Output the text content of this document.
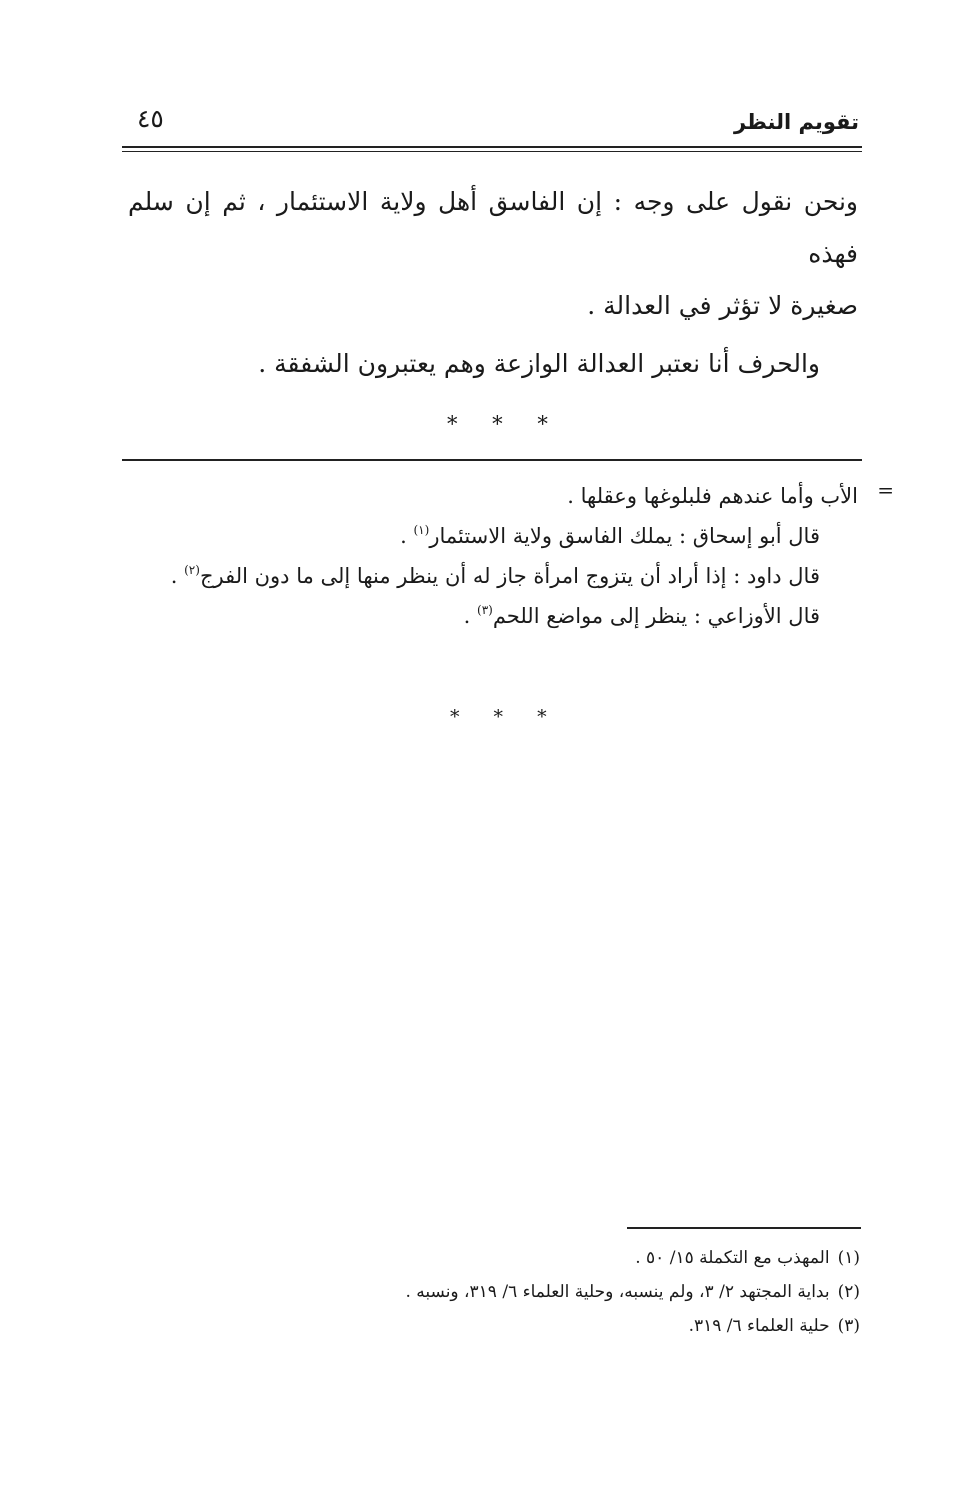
تقويم النظر
٤٥

ونحن نقول على وجه : إن الفاسق أهل ولاية الاستئمار ، ثم إن سلم فهذه

صغيرة لا تؤثر في العدالة .

والحرف أنا نعتبر العدالة الوازعة وهم يعتبرون الشفقة .

* * *
=

الأب وأما عندهم فلبلوغها وعقلها .

قال أبو إسحاق : يملك الفاسق ولاية الاستئمار$^{(١)}$ .

قال داود : إذا أراد أن يتزوج امرأة جاز له أن ينظر منها إلى ما دون الفرج$^{(٢)}$ .

قال الأوزاعي : ينظر إلى مواضع اللحم$^{(٣)}$ .

* * *

(١)المهذب مع التكملة ١٥/ ٥٠ .

(٢)بداية المجتهد ٢/ ٣، ولم ينسبه، وحلية العلماء ٦/ ٣١٩، ونسبه .

(٣)حلية العلماء ٦/ ٣١٩.
